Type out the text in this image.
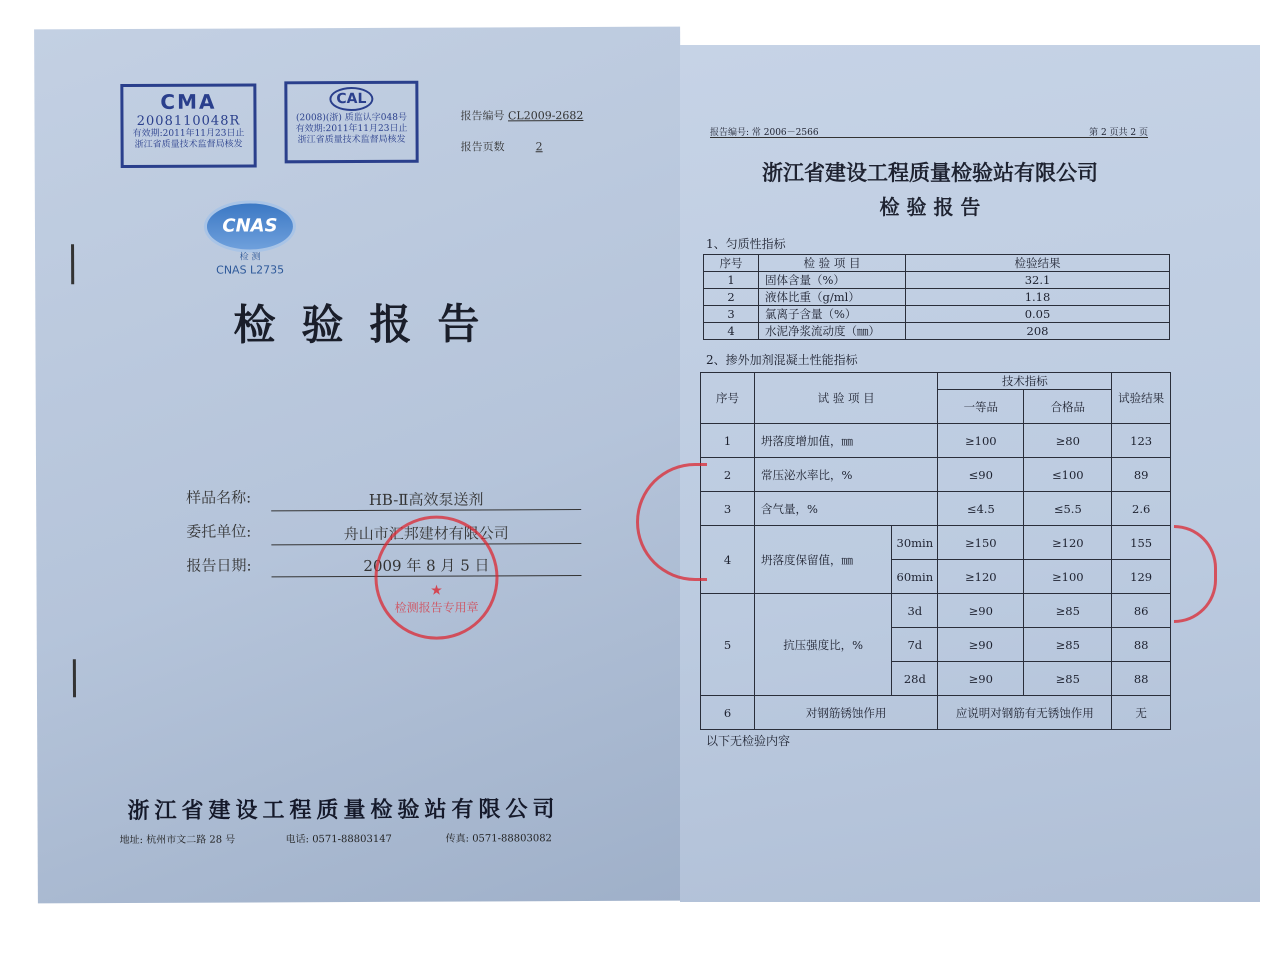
CMA
2008110048R
有效期:2011年11月23日止
浙江省质量技术监督局核发
CAL
(2008)(浙) 质监认字048号
有效期:2011年11月23日止
浙江省质量技术监督局核发
报告编号 CL2009-2682
报告页数	2
CNAS
检 测
CNAS L2735
检验报告
样品名称:	HB-Ⅱ高效泵送剂
委托单位:	舟山市汇邦建材有限公司
报告日期:	2009 年 8 月 5 日
★
检测报告专用章
浙江省建设工程质量检验站有限公司
地址: 杭州市文二路 28 号	电话: 0571-88803147	传真: 0571-88803082
报告编号: 常 2006－2566	第 2 页共 2 页
浙江省建设工程质量检验站有限公司
检 验 报 告
1、匀质性指标
序号	检 验 项 目	检验结果
1	固体含量（%）	32.1
2	液体比重（g/ml）	1.18
3	氯离子含量（%）	0.05
4	水泥净浆流动度（㎜）	208
2、掺外加剂混凝土性能指标
序号	试 验 项 目		技术指标		试验结果
			一等品	合格品	
1	坍落度增加值，㎜		≥100	≥80	123
2	常压泌水率比，%		≤90	≤100	89
3	含气量，%		≤4.5	≤5.5	2.6
4	坍落度保留值，㎜	30min	≥150	≥120	155
		60min	≥120	≥100	129
5	抗压强度比，%	3d	≥90	≥85	86
		7d	≥90	≥85	88
		28d	≥90	≥85	88
6	对钢筋锈蚀作用		应说明对钢筋有无锈蚀作用		无
以下无检验内容
